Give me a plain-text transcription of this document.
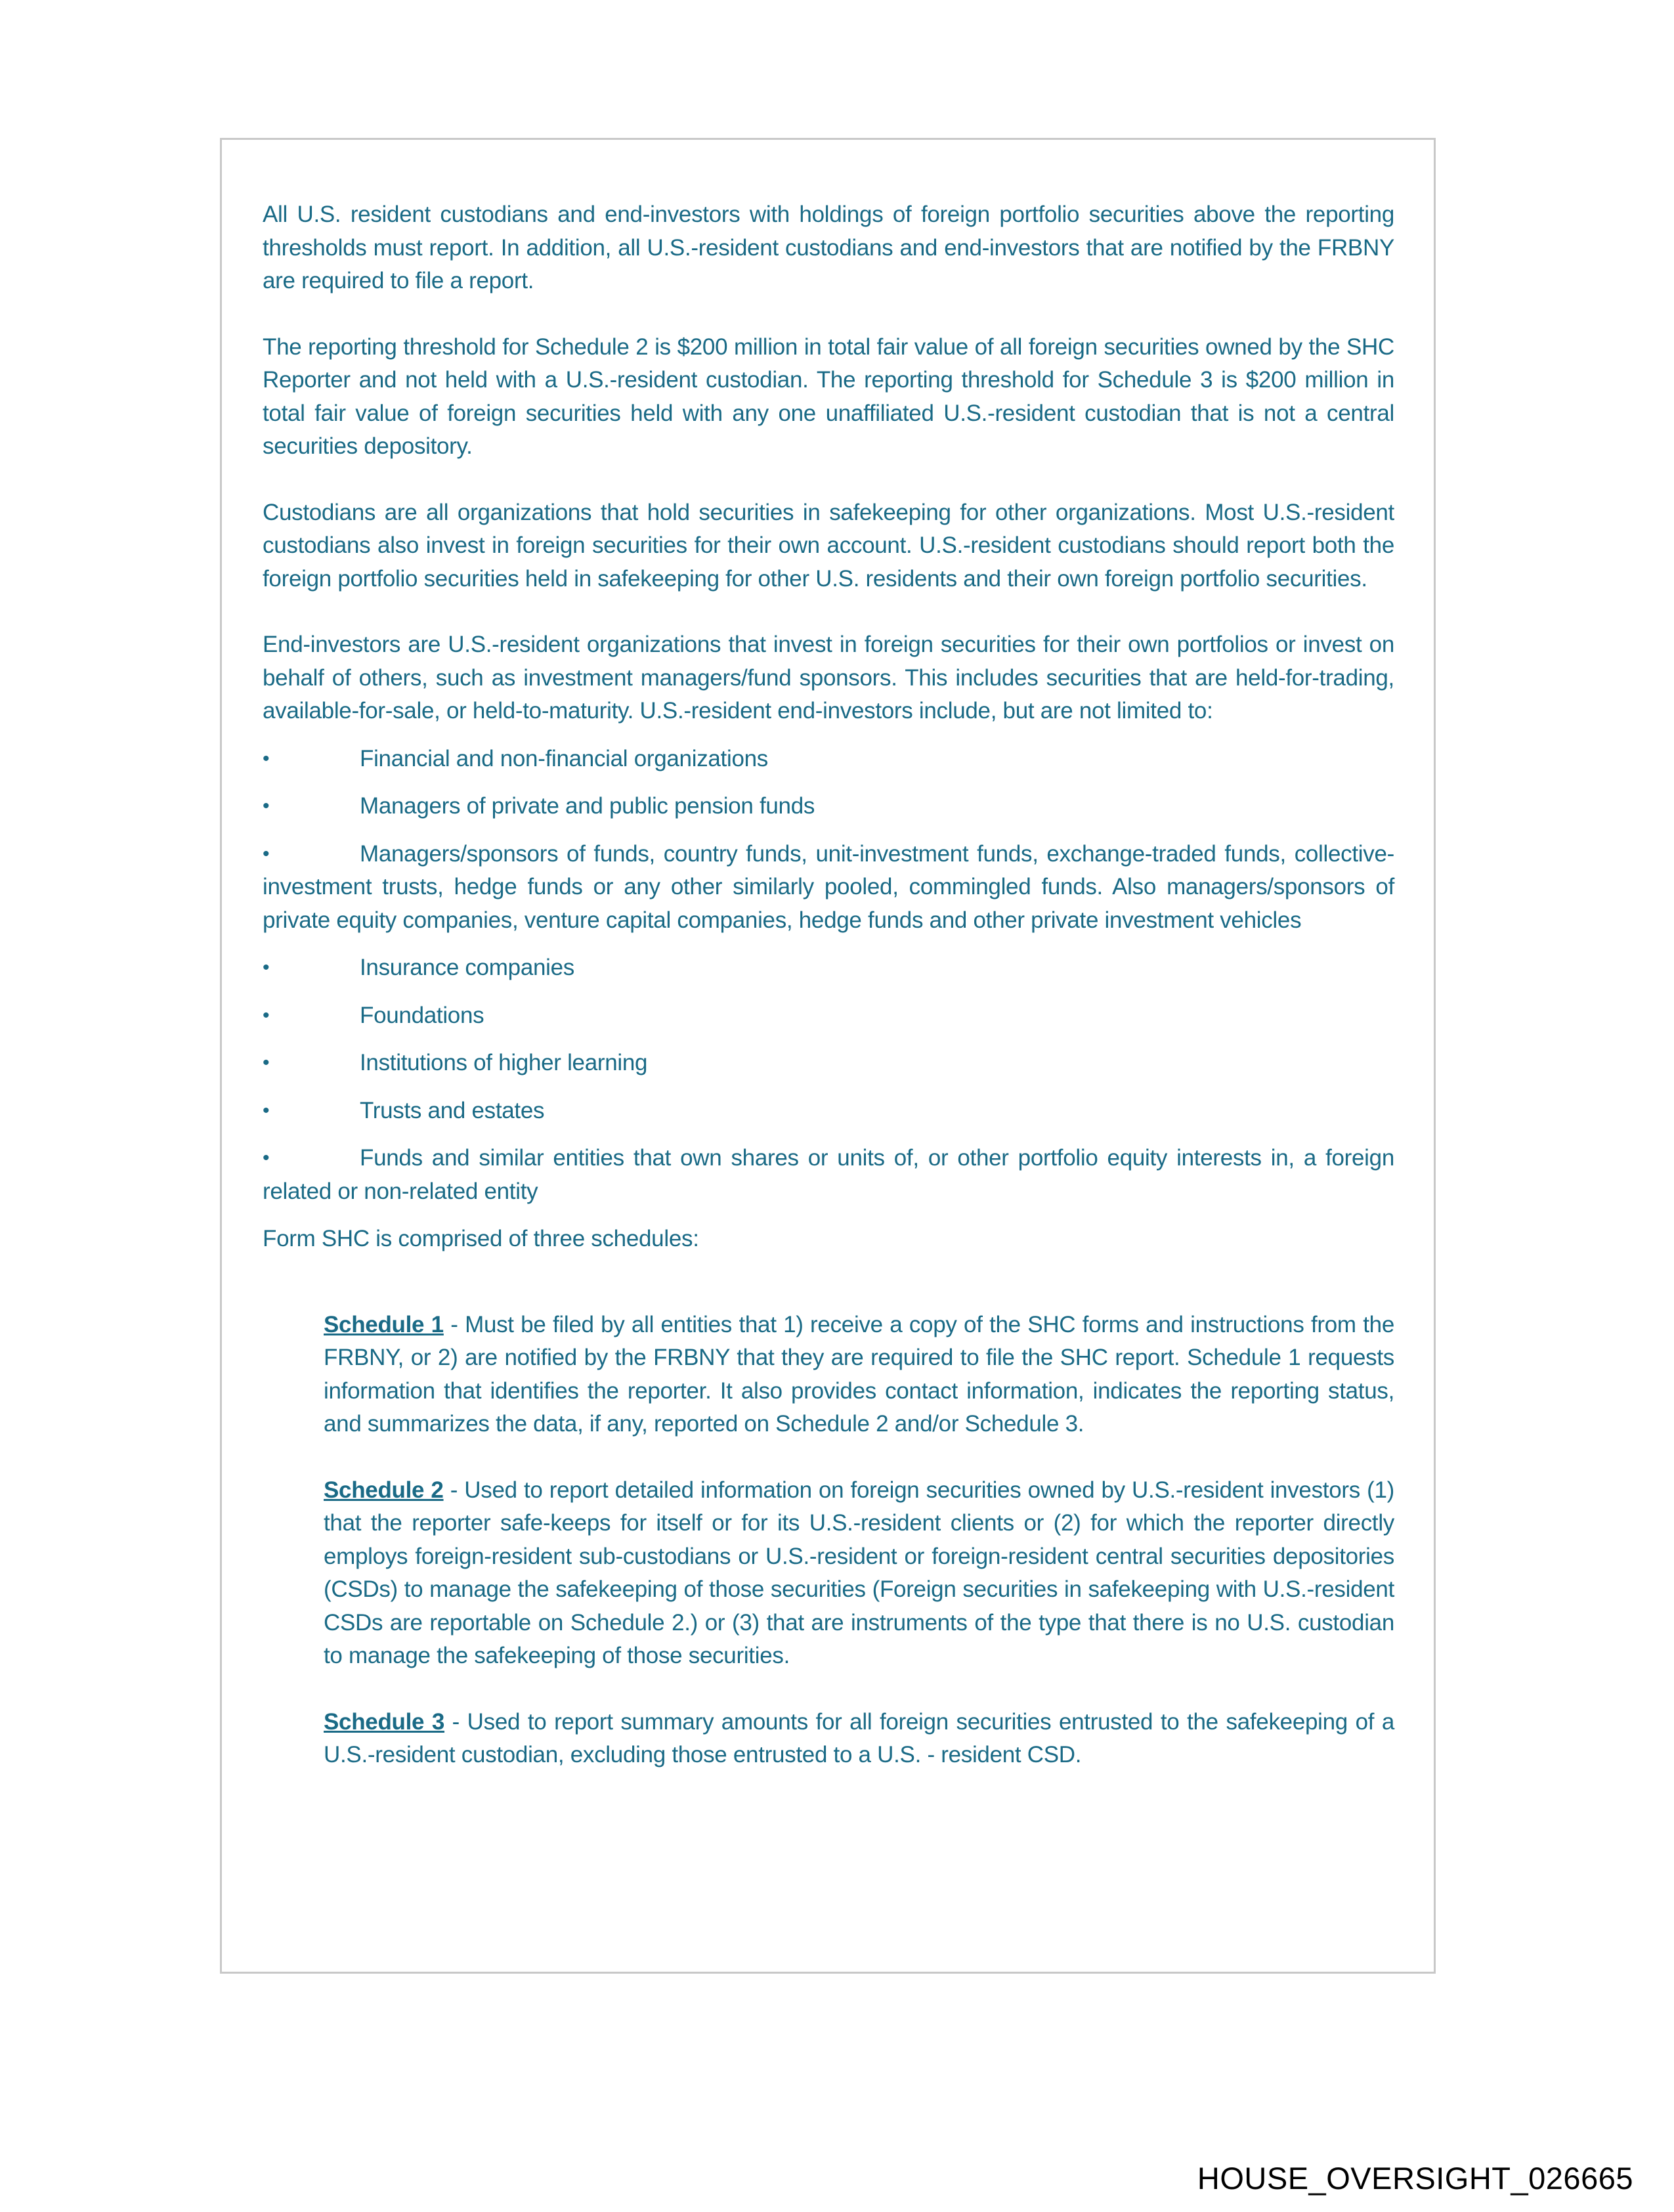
All U.S. resident custodians and end-investors with holdings of foreign portfolio securities above the reporting thresholds must report. In addition, all U.S.-resident custodians and end-investors that are notified by the FRBNY are required to file a report.

The reporting threshold for Schedule 2 is $200 million in total fair value of all foreign securities owned by the SHC Reporter and not held with a U.S.-resident custodian. The reporting threshold for Schedule 3 is $200 million in total fair value of foreign securities held with any one unaffiliated U.S.-resident custodian that is not a central securities depository.

Custodians are all organizations that hold securities in safekeeping for other organizations. Most U.S.-resident custodians also invest in foreign securities for their own account. U.S.-resident custodians should report both the foreign portfolio securities held in safekeeping for other U.S. residents and their own foreign portfolio securities.

End-investors are U.S.-resident organizations that invest in foreign securities for their own portfolios or invest on behalf of others, such as investment managers/fund sponsors. This includes securities that are held-for-trading, available-for-sale, or held-to-maturity. U.S.-resident end-investors include, but are not limited to:

•	Financial and non-financial organizations

•	Managers of private and public pension funds

•	Managers/sponsors of funds, country funds, unit-investment funds, exchange-traded funds, collective-investment trusts, hedge funds or any other similarly pooled, commingled funds. Also managers/sponsors of private equity companies, venture capital companies, hedge funds and other private investment vehicles

•	Insurance companies

•	Foundations

•	Institutions of higher learning

•	Trusts and estates

•	Funds and similar entities that own shares or units of, or other portfolio equity interests in, a foreign related or non-related entity

Form SHC is comprised of three schedules:

Schedule 1 - Must be filed by all entities that 1) receive a copy of the SHC forms and instructions from the FRBNY, or 2) are notified by the FRBNY that they are required to file the SHC report. Schedule 1 requests information that identifies the reporter. It also provides contact information, indicates the reporting status, and summarizes the data, if any, reported on Schedule 2 and/or Schedule 3.

Schedule 2 - Used to report detailed information on foreign securities owned by U.S.-resident investors (1) that the reporter safe-keeps for itself or for its U.S.-resident clients or (2) for which the reporter directly employs foreign-resident sub-custodians or U.S.-resident or foreign-resident central securities depositories (CSDs) to manage the safekeeping of those securities (Foreign securities in safekeeping with U.S.-resident CSDs are reportable on Schedule 2.) or (3) that are instruments of the type that there is no U.S. custodian to manage the safekeeping of those securities.

Schedule 3 - Used to report summary amounts for all foreign securities entrusted to the safekeeping of a U.S.-resident custodian, excluding those entrusted to a U.S. - resident CSD.

HOUSE_OVERSIGHT_026665
